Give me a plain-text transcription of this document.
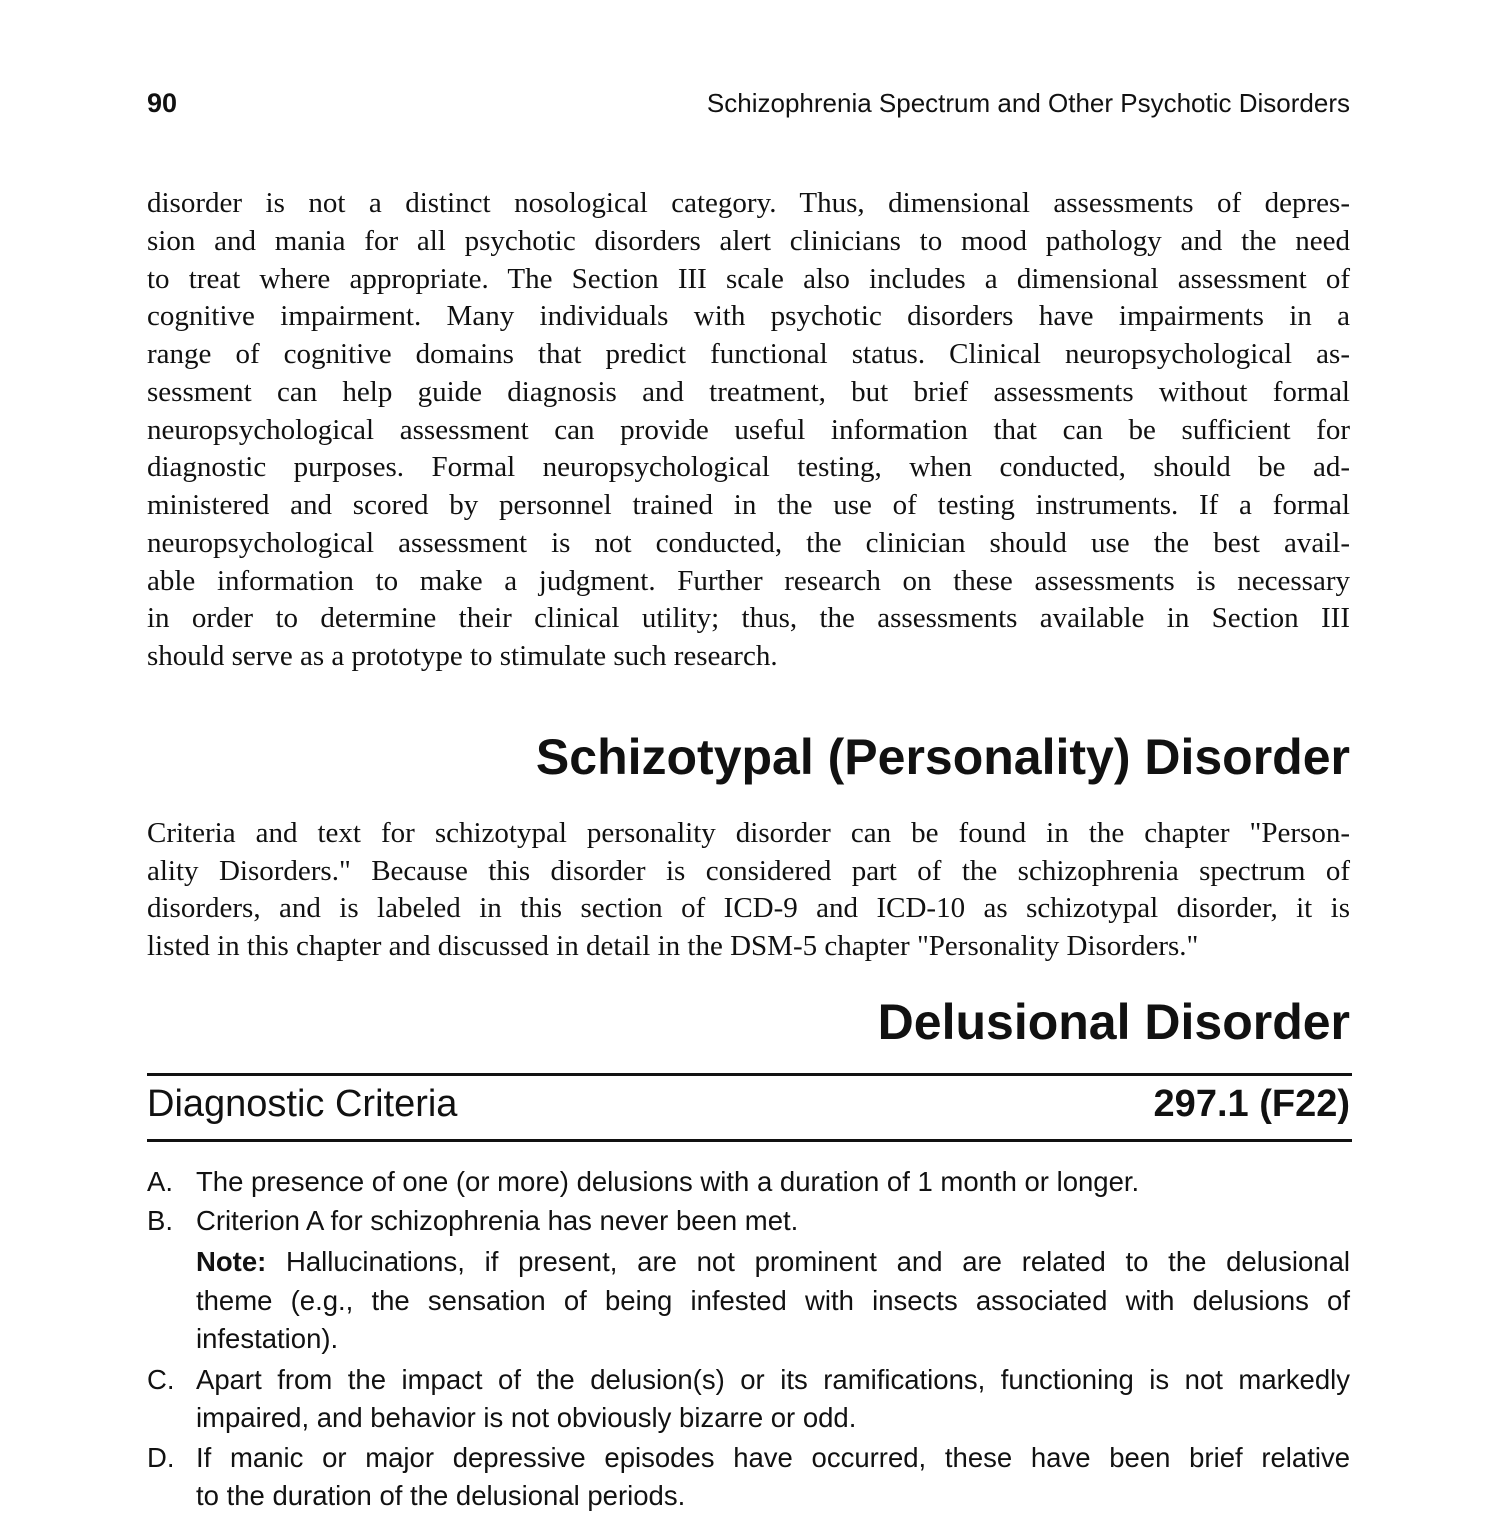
90	Schizophrenia Spectrum and Other Psychotic Disorders
disorder is not a distinct nosological category. Thus, dimensional assessments of depres-
sion and mania for all psychotic disorders alert clinicians to mood pathology and the need
to treat where appropriate. The Section III scale also includes a dimensional assessment of
cognitive impairment. Many individuals with psychotic disorders have impairments in a
range of cognitive domains that predict functional status. Clinical neuropsychological as-
sessment can help guide diagnosis and treatment, but brief assessments without formal
neuropsychological assessment can provide useful information that can be sufficient for
diagnostic purposes. Formal neuropsychological testing, when conducted, should be ad-
ministered and scored by personnel trained in the use of testing instruments. If a formal
neuropsychological assessment is not conducted, the clinician should use the best avail-
able information to make a judgment. Further research on these assessments is necessary
in order to determine their clinical utility; thus, the assessments available in Section III
should serve as a prototype to stimulate such research.
Schizotypal (Personality) Disorder
Criteria and text for schizotypal personality disorder can be found in the chapter "Person-
ality Disorders." Because this disorder is considered part of the schizophrenia spectrum of
disorders, and is labeled in this section of ICD-9 and ICD-10 as schizotypal disorder, it is
listed in this chapter and discussed in detail in the DSM-5 chapter "Personality Disorders."
Delusional Disorder
Diagnostic Criteria	297.1 (F22)
A. The presence of one (or more) delusions with a duration of 1 month or longer.
B. Criterion A for schizophrenia has never been met.
Note: Hallucinations, if present, are not prominent and are related to the delusional
theme (e.g., the sensation of being infested with insects associated with delusions of
infestation).
C. Apart from the impact of the delusion(s) or its ramifications, functioning is not markedly
impaired, and behavior is not obviously bizarre or odd.
D. If manic or major depressive episodes have occurred, these have been brief relative
to the duration of the delusional periods.
